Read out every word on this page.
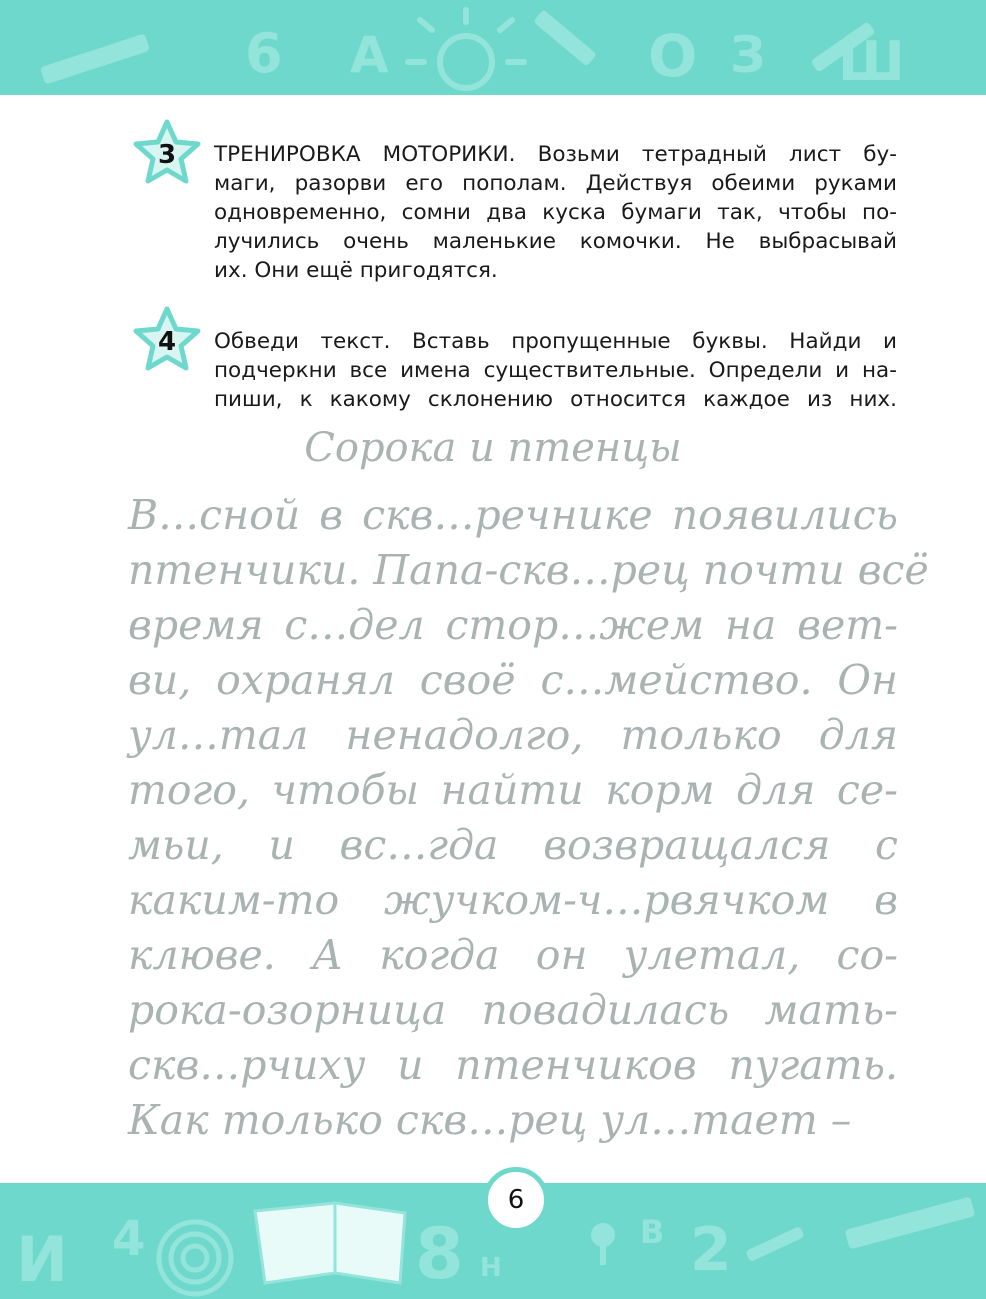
6 А	О З Ш
3 ТРЕНИРОВКА МОТОРИКИ. Возьми тетрадный лист бу-
маги, разорви его пополам. Действуя обеими руками
одновременно, сомни два куска бумаги так, чтобы по-
лучились очень маленькие комочки. Не выбрасывай
их. Они ещё пригодятся.
4 Обведи текст. Вставь пропущенные буквы. Найди и
подчеркни все имена существительные. Определи и на-
пиши, к какому склонению относится каждое из них.
Сорока и птенцы
В…сной в скв…речнике появились
птенчики. Папа-скв…рец почти всё
время с…дел стор…жем на вет-
ви, охранял своё с…мейство. Он
ул…тал ненадолго, только для
того, чтобы найти корм для се-
мьи, и вс…гда возвращался с
каким-то жучком-ч…рвячком в
клюве. А когда он улетал, со-
рока-озорница повадилась мать-
скв…рчиху и птенчиков пугать.
Как только скв…рец ул…тает –
И 4	8 Н
В 2
6
